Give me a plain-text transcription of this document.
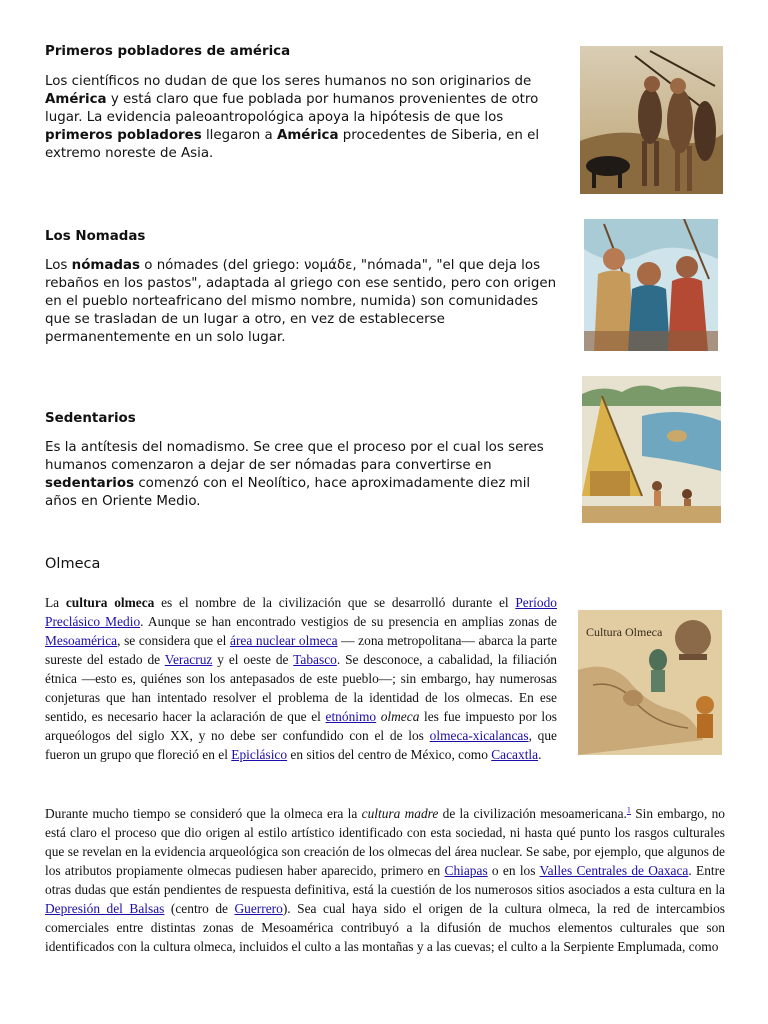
Primeros pobladores de américa

Los científicos no dudan de que los seres humanos no son originarios de América y está claro que fue poblada por humanos provenientes de otro lugar. La evidencia paleoantropológica apoya la hipótesis de que los primeros pobladores llegaron a América procedentes de Siberia, en el extremo noreste de Asia.

Los Nomadas

Los nómadas o nómades (del griego: νομάδε, "nómada", "el que deja los rebaños en los pastos", adaptada al griego con ese sentido, pero con origen en el pueblo norteafricano del mismo nombre, numida) son comunidades que se trasladan de un lugar a otro, en vez de establecerse permanentemente en un solo lugar.

Sedentarios

Es la antítesis del nomadismo. Se cree que el proceso por el cual los seres humanos comenzaron a dejar de ser nómadas para convertirse en sedentarios comenzó con el Neolítico, hace aproximadamente diez mil años en Oriente Medio.

Olmeca

La cultura olmeca es el nombre de la civilización que se desarrolló durante el Período Preclásico Medio. Aunque se han encontrado vestigios de su presencia en amplias zonas de Mesoamérica, se considera que el área nuclear olmeca — zona metropolitana— abarca la parte sureste del estado de Veracruz y el oeste de Tabasco. Se desconoce, a cabalidad, la filiación étnica —esto es, quiénes son los antepasados de este pueblo—; sin embargo, hay numerosas conjeturas que han intentado resolver el problema de la identidad de los olmecas. En ese sentido, es necesario hacer la aclaración de que el etnónimo olmeca les fue impuesto por los arqueólogos del siglo XX, y no debe ser confundido con el de los olmeca-xicalancas, que fueron un grupo que floreció en el Epiclásico en sitios del centro de México, como Cacaxtla.

Cultura Olmeca

Durante mucho tiempo se consideró que la olmeca era la cultura madre de la civilización mesoamericana.$^1$ Sin embargo, no está claro el proceso que dio origen al estilo artístico identificado con esta sociedad, ni hasta qué punto los rasgos culturales que se revelan en la evidencia arqueológica son creación de los olmecas del área nuclear. Se sabe, por ejemplo, que algunos de los atributos propiamente olmecas pudiesen haber aparecido, primero en Chiapas o en los Valles Centrales de Oaxaca. Entre otras dudas que están pendientes de respuesta definitiva, está la cuestión de los numerosos sitios asociados a esta cultura en la Depresión del Balsas (centro de Guerrero). Sea cual haya sido el origen de la cultura olmeca, la red de intercambios comerciales entre distintas zonas de Mesoamérica contribuyó a la difusión de muchos elementos culturales que son identificados con la cultura olmeca, incluidos el culto a las montañas y a las cuevas; el culto a la Serpiente Emplumada, como
